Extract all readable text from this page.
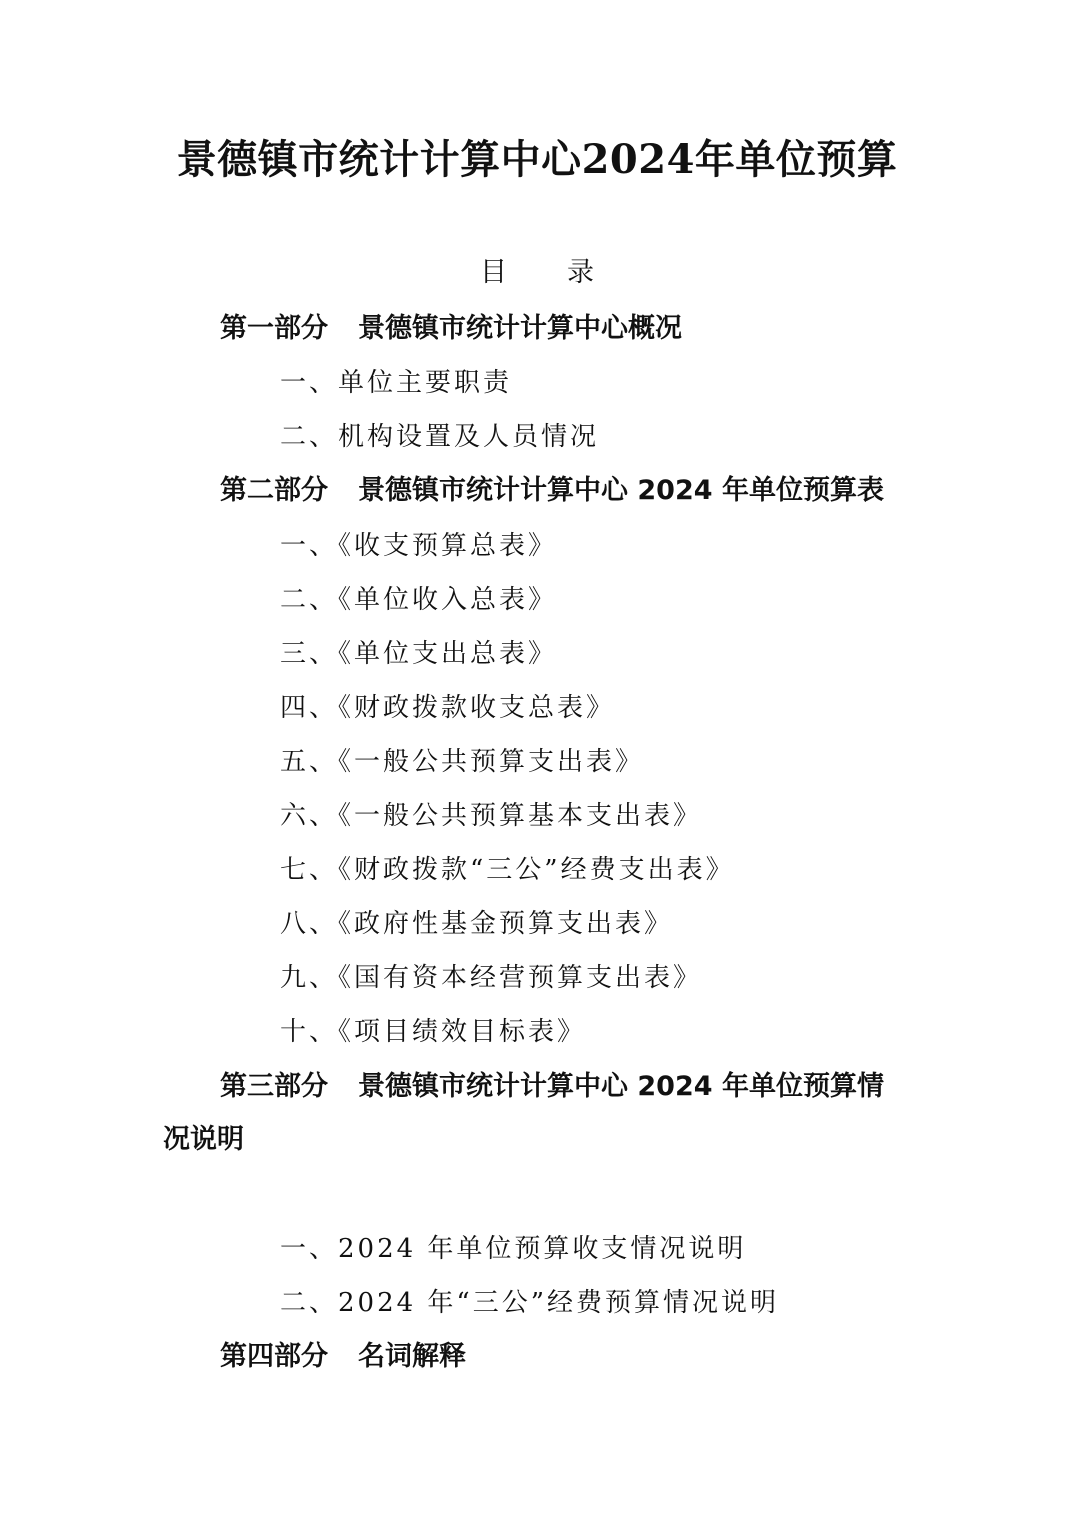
景德镇市统计计算中心2024年单位预算
目 录
第一部分 景德镇市统计计算中心概况
一、单位主要职责
二、机构设置及人员情况
第二部分 景德镇市统计计算中心 2024 年单位预算表
一、《收支预算总表》
二、《单位收入总表》
三、《单位支出总表》
四、《财政拨款收支总表》
五、《一般公共预算支出表》
六、《一般公共预算基本支出表》
七、《财政拨款“三公”经费支出表》
八、《政府性基金预算支出表》
九、《国有资本经营预算支出表》
十、《项目绩效目标表》
第三部分 景德镇市统计计算中心 2024 年单位预算情
况说明
一、2024 年单位预算收支情况说明
二、2024 年“三公”经费预算情况说明
第四部分 名词解释
